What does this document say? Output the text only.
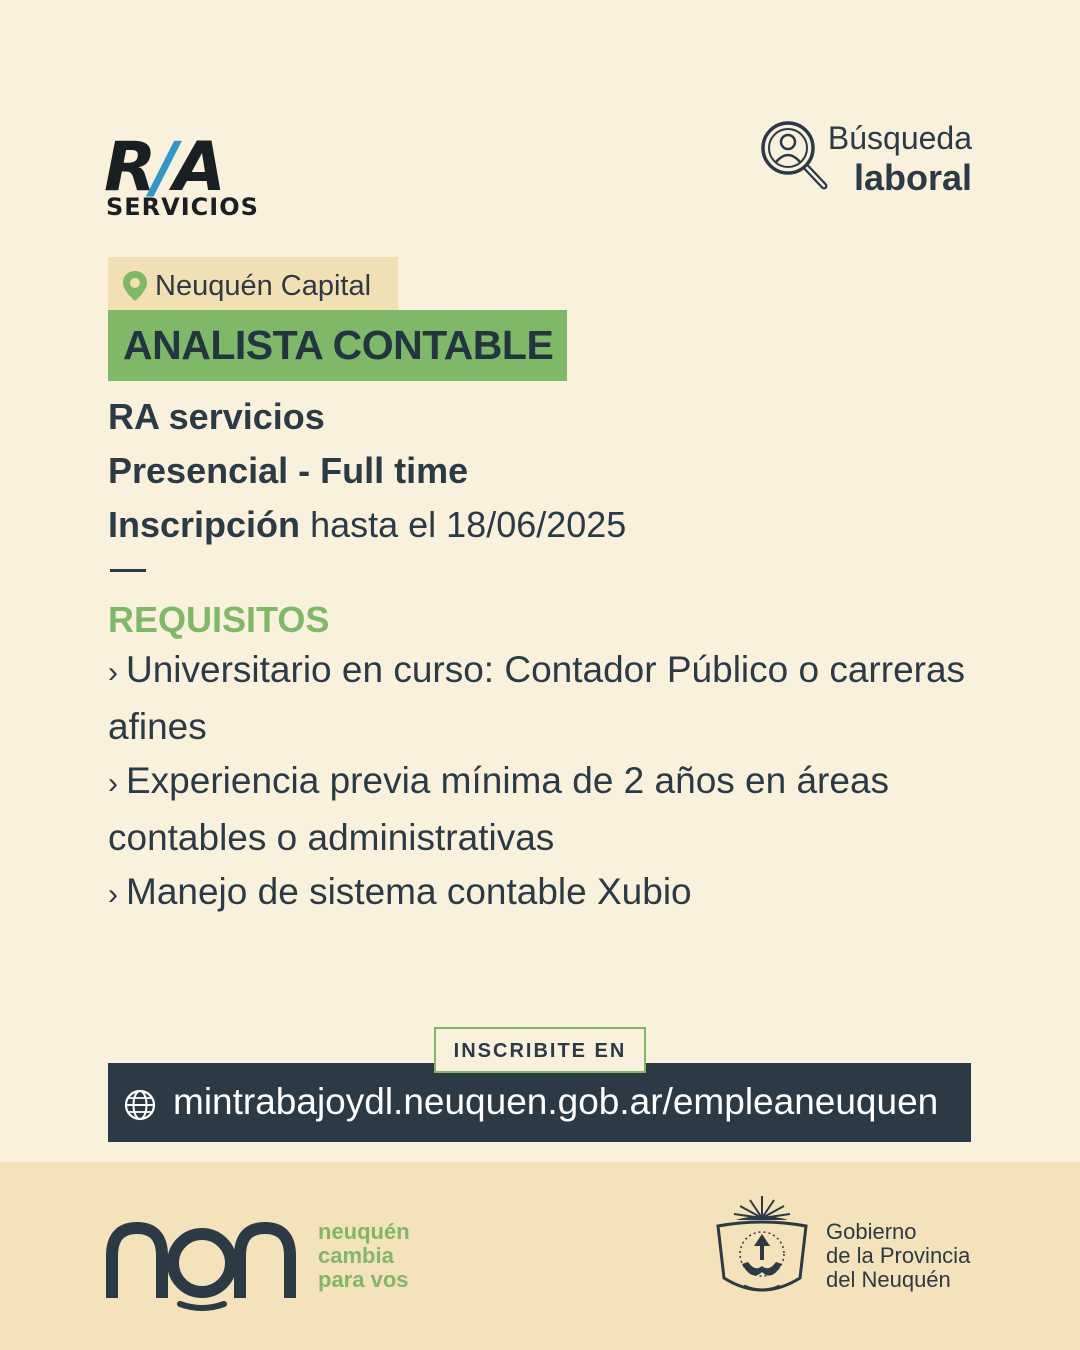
R/A
SERVICIOS
Búsqueda
laboral
Neuquén Capital
ANALISTA CONTABLE
RA servicios
Presencial - Full time
Inscripción hasta el 18/06/2025
REQUISITOS

› Universitario en curso: Contador Público o carreras afines

› Experiencia previa mínima de 2 años en áreas contables o administrativas

› Manejo de sistema contable Xubio

INSCRIBITE EN
mintrabajoydl.neuquen.gob.ar/empleaneuquen
neuquén
cambia
para vos
Gobierno
de la Provincia
del Neuquén
